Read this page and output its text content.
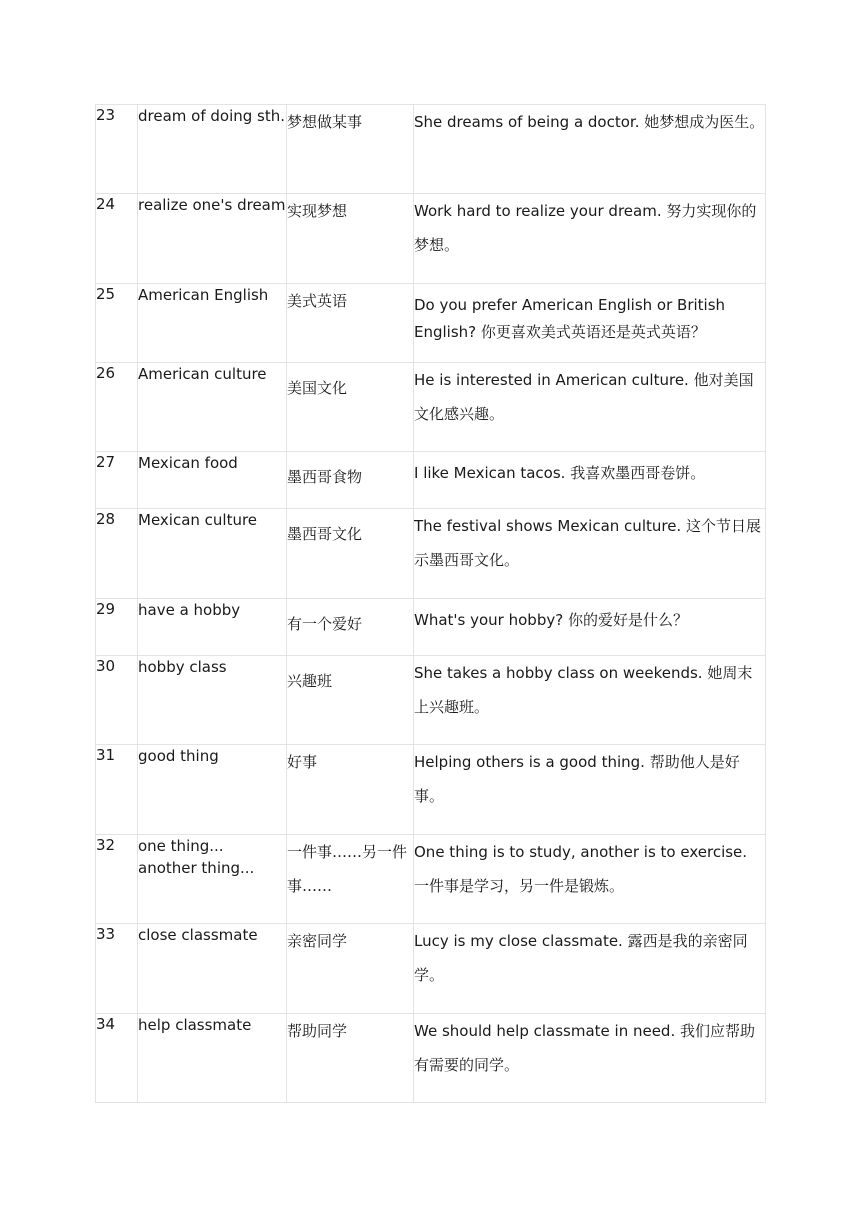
23	dream of doing sth.	梦想做某事	She dreams of being a doctor. 她梦想成为医生。
24	realize one's dream	实现梦想	Work hard to realize your dream. 努力实现你的梦想。
25	American English	美式英语	Do you prefer American English or British English? 你更喜欢美式英语还是英式英语？
26	American culture	美国文化	He is interested in American culture. 他对美国文化感兴趣。
27	Mexican food	墨西哥食物	I like Mexican tacos. 我喜欢墨西哥卷饼。
28	Mexican culture	墨西哥文化	The festival shows Mexican culture. 这个节日展示墨西哥文化。
29	have a hobby	有一个爱好	What's your hobby? 你的爱好是什么？
30	hobby class	兴趣班	She takes a hobby class on weekends. 她周末上兴趣班。
31	good thing	好事	Helping others is a good thing. 帮助他人是好事。
32	one thing... another thing...	一件事……另一件事……	One thing is to study, another is to exercise. 一件事是学习，另一件是锻炼。
33	close classmate	亲密同学	Lucy is my close classmate. 露西是我的亲密同学。
34	help classmate	帮助同学	We should help classmate in need. 我们应帮助有需要的同学。
